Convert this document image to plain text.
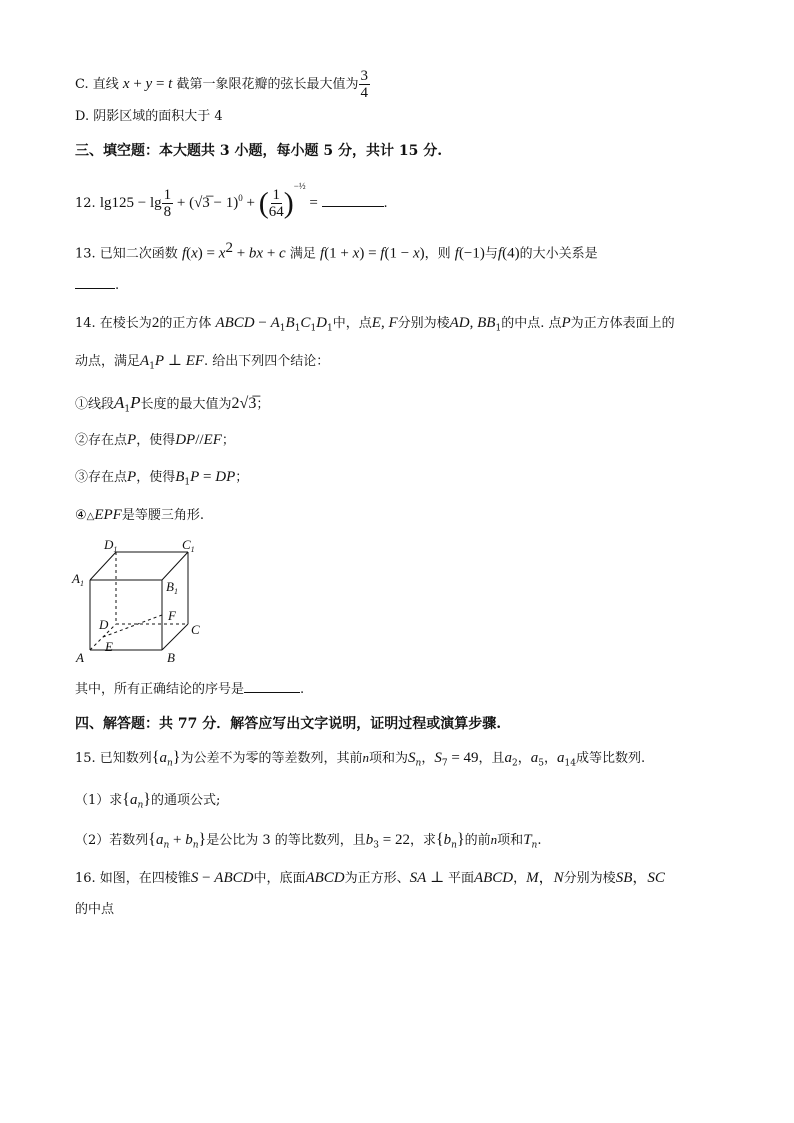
C. 直线 x + y = t 截第一象限花瓣的弦长最大值为 $\frac{3}{4}$
D. 阴影区域的面积大于 4
三、填空题：本大题共 3 小题，每小题 5 分，共计 15 分.
12. $\lg 125 - \lg \frac{1}{8}$ + (√3̅ − 1)$^0$ + ( $\frac{1}{64} )^{-\frac{1}{2}}$ =	.
13. 已知二次函数 $f(x) = x^2$ + bx + c 满足 f(1 + x) = f(1 − x)，则 f(−1)与f(4)的大小关系是
.
14. 在棱长为2的正方体 ABCD − $A_1B_1C_1D_1$中，点E, F分别为棱AD, $BB_1$的中点. 点P为正方体表面上的
动点，满足$A_1P$ ⊥ EF. 给出下列四个结论：
①线段$A_1P$长度的最大值为2√3̅；
②存在点P，使得DP//EF；
③存在点P，使得$B_1P$ = DP；
④△EPF是等腰三角形.
$D_1$	$C_1$
$A_1$	$B_1$
D
F
C
E
A	B
其中，所有正确结论的序号是	.
四、解答题：共 77 分．解答应写出文字说明，证明过程或演算步骤.
15. 已知数列$\{a_n\}$为公差不为零的等差数列，其前n项和为$S_n$，$S_7 = 49$，且$a_2$，$a_5$，$a_{14}$成等比数列.
（1）求$\{a_n\}$的通项公式;
（2）若数列$\{a_n + b_n\}$是公比为 3 的等比数列，且$b_3 = 22$，求$\{b_n\}$的前n项和$T_n$.
16. 如图，在四棱锥S − ABCD中，底面ABCD为正方形、SA ⊥ 平面ABCD，M，N分别为棱SB，SC
的中点
